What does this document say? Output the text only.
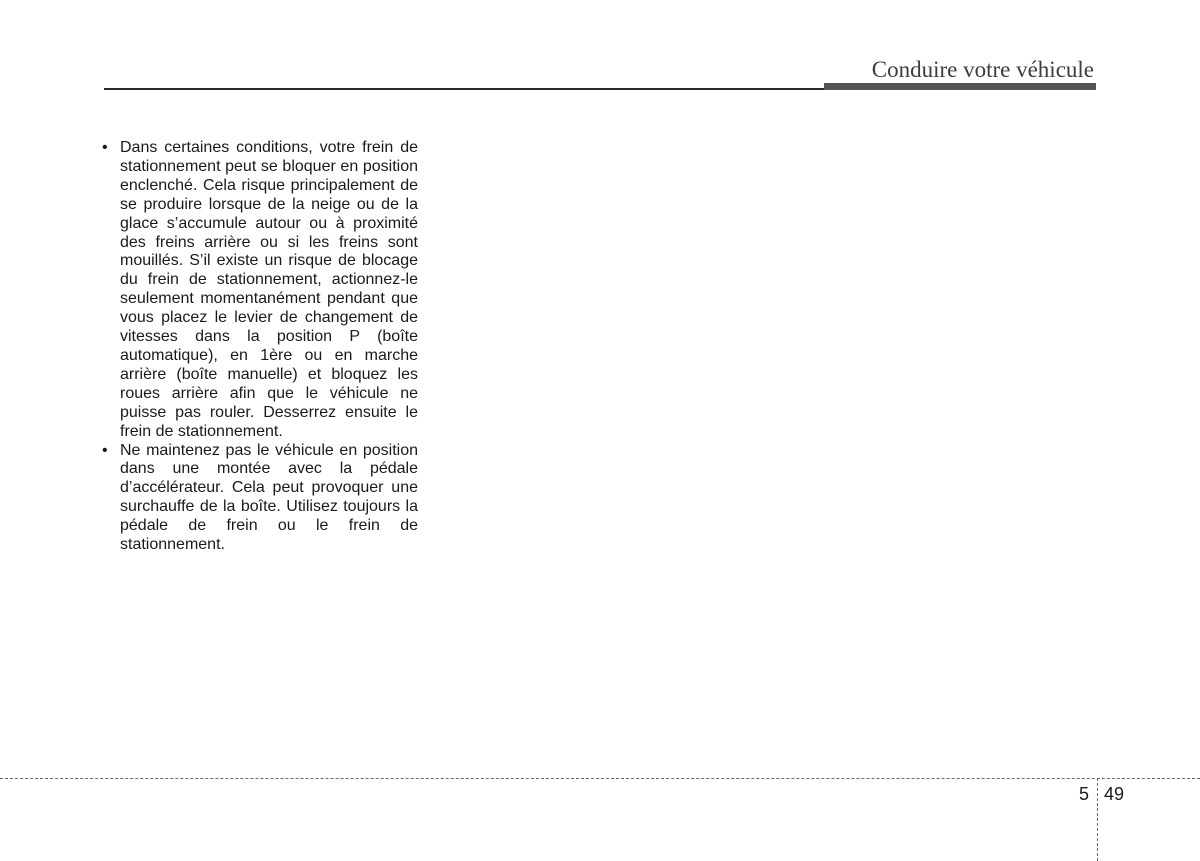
Conduire votre véhicule
• Dans certaines conditions, votre frein de stationnement peut se bloquer en position enclenché. Cela risque principalement de se produire lorsque de la neige ou de la glace s’accumule autour ou à proximité des freins arrière ou si les freins sont mouillés. S’il existe un risque de blocage du frein de stationnement, actionnez-le seulement momentanément pendant que vous placez le levier de changement de vitesses dans la position P (boîte automatique), en 1ère ou en marche arrière (boîte manuelle) et bloquez les roues arrière afin que le véhicule ne puisse pas rouler. Desserrez ensuite le frein de stationnement.
• Ne maintenez pas le véhicule en position dans une montée avec la pédale d’accélérateur. Cela peut provoquer une surchauffe de la boîte. Utilisez toujours la pédale de frein ou le frein de stationnement.
5 49
